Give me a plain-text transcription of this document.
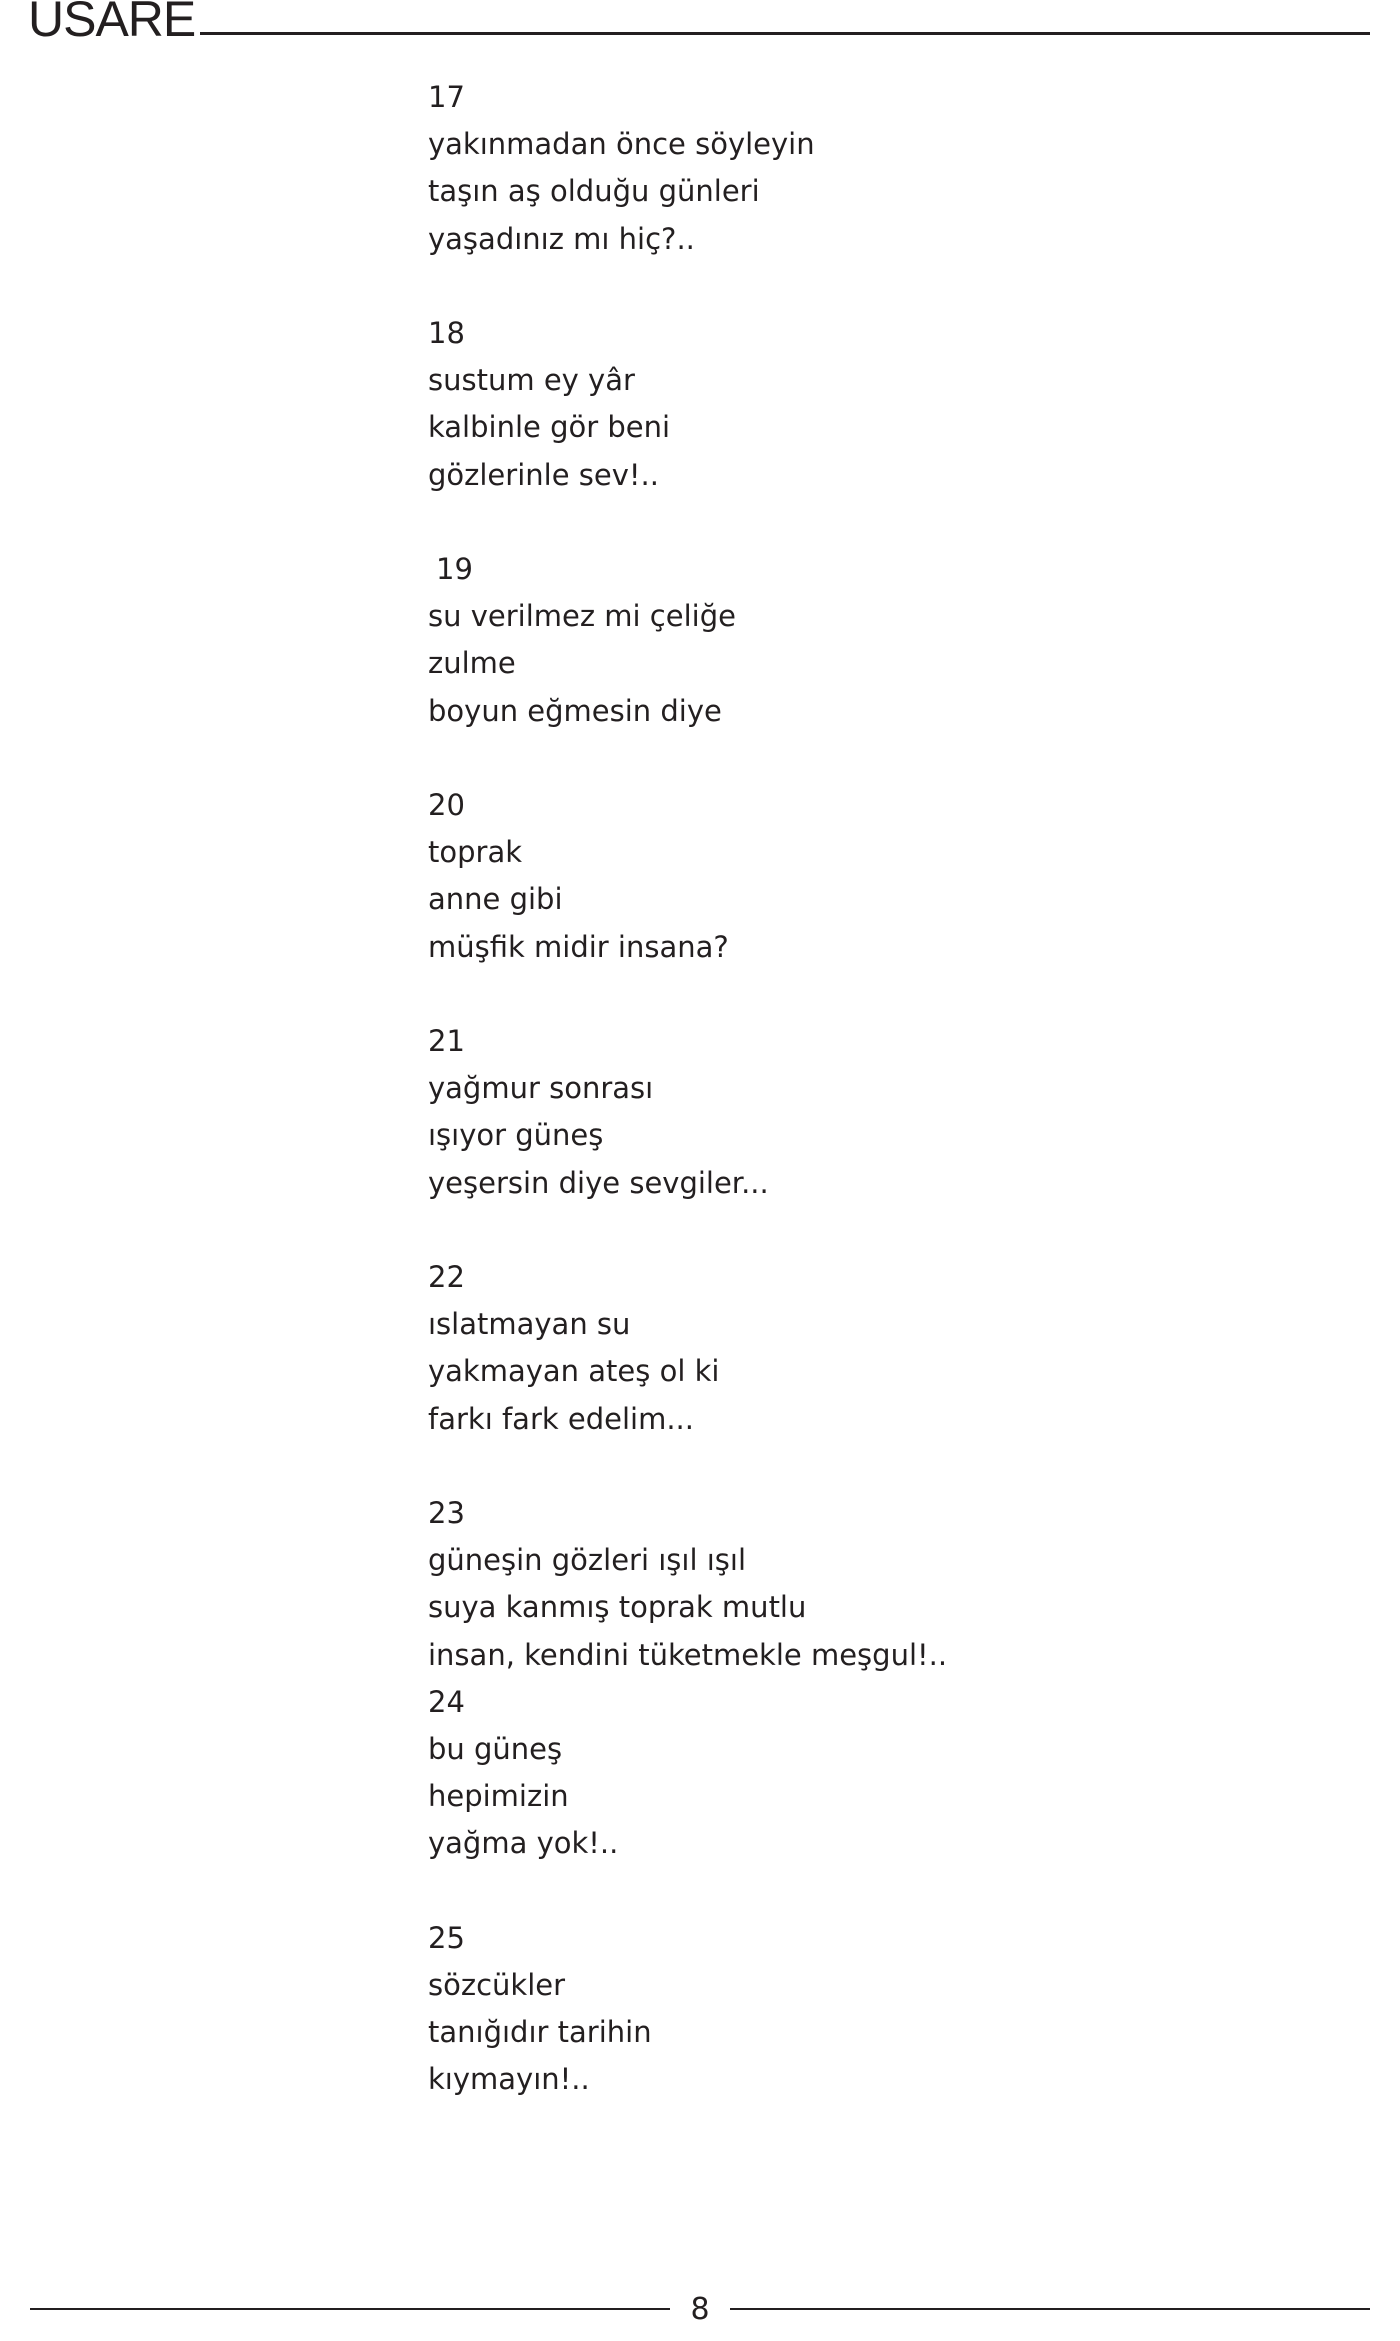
USARE
17
yakınmadan önce söyleyin
taşın aş olduğu günleri
yaşadınız mı hiç?..
18
sustum ey yâr
kalbinle gör beni
gözlerinle sev!..
19
su verilmez mi çeliğe
zulme
boyun eğmesin diye
20
toprak
anne gibi
müşfik midir insana?
21
yağmur sonrası
ışıyor güneş
yeşersin diye sevgiler...
22
ıslatmayan su
yakmayan ateş ol ki
farkı fark edelim...
23
güneşin gözleri ışıl ışıl
suya kanmış toprak mutlu
insan, kendini tüketmekle meşgul!..
24
bu güneş
hepimizin
yağma yok!..
25
sözcükler
tanığıdır tarihin
kıymayın!..
8
